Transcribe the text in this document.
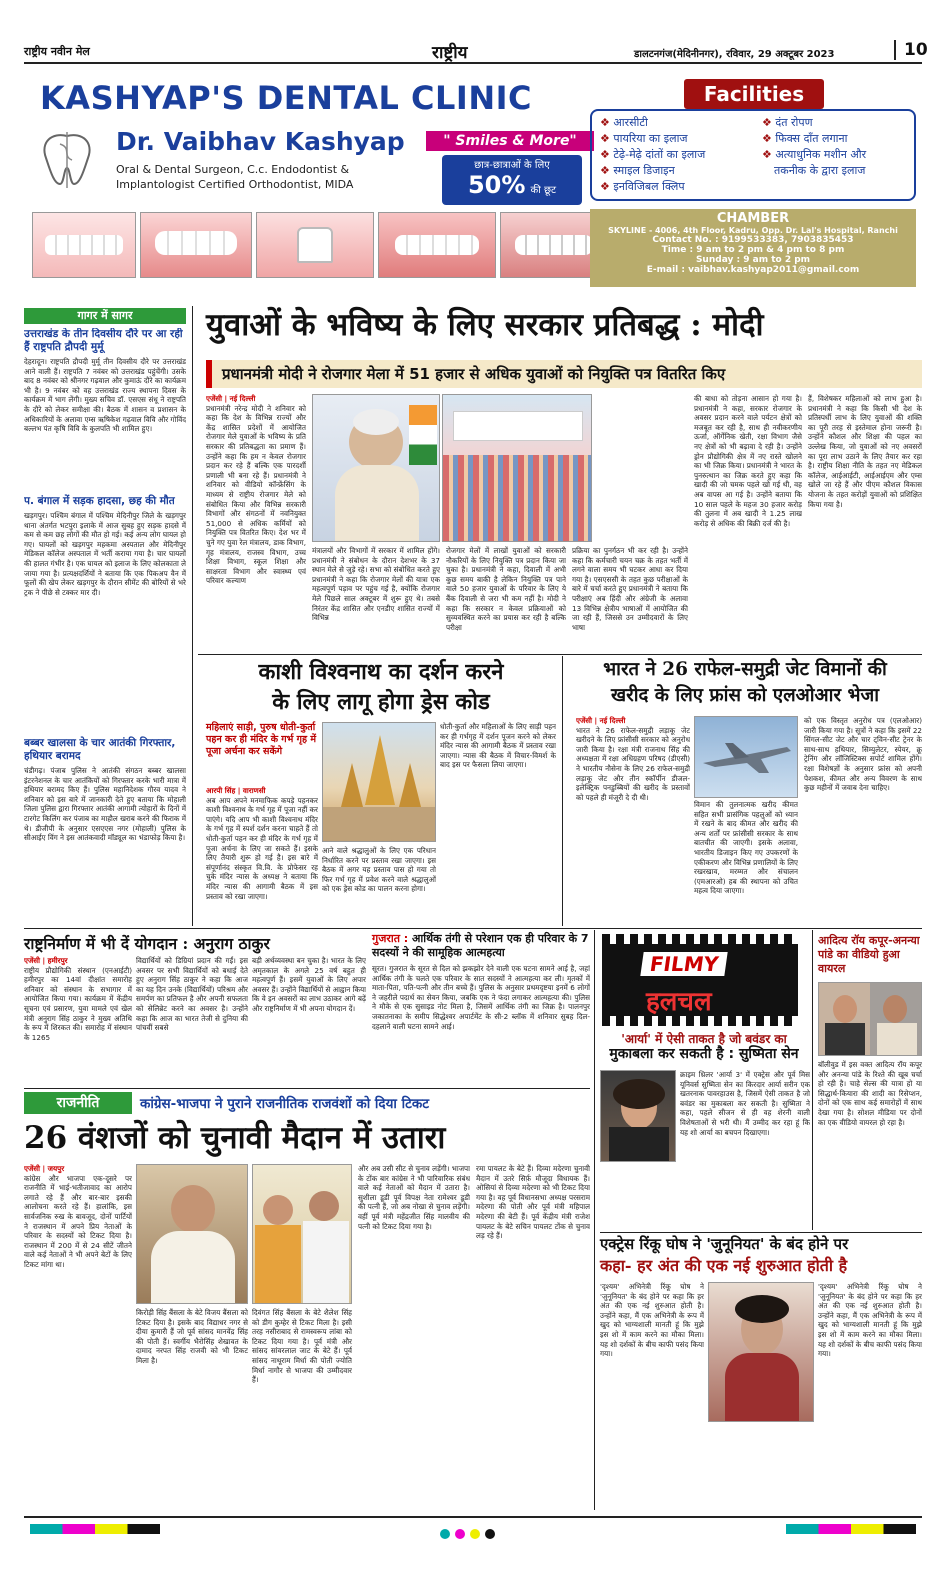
राष्ट्रीय नवीन मेल	राष्ट्रीय	डालटनगंज(मेदिनीनगर), रविवार, 29 अक्टूबर 2023	10
KASHYAP'S DENTAL CLINIC
Dr. Vaibhav Kashyap
Oral & Dental Surgeon, C.c. Endodontist &
Implantologist Certified Orthodontist, MIDA
" Smiles & More"
छात्र-छात्राओं के लिए
50% की छूट
Facilities
❖ आरसीटी
❖ पायरिया का इलाज
❖ टेढ़े-मेढ़े दांतों का इलाज
❖ स्माइल डिजाइन
❖ इनविजिबल क्लिप
❖ दंत रोपण
❖ फिक्स दाँत लगाना
❖ अत्याधुनिक मशीन और
तकनीक के द्वारा इलाज
CHAMBER
SKYLINE - 4006, 4th Floor, Kadru, Opp. Dr. Lal's Hospital, Ranchi
Contact No. : 9199533383, 7903835453
Time : 9 am to 2 pm & 4 pm to 8 pm
Sunday : 9 am to 2 pm
E-mail : vaibhav.kashyap2011@gmail.com
गागर में सागर
उत्तराखंड के तीन दिवसीय दौरे पर आ रही हैं राष्ट्रपति द्रौपदी मुर्मू
देहरादून। राष्ट्रपति द्रौपदी मुर्मू तीन दिवसीय दौरे पर उत्तराखंड आने वाली हैं। राष्ट्रपति 7 नवंबर को उत्तराखंड पहुंचेंगी। उसके बाद 8 नवंबर को श्रीनगर गढ़वाल और कुमाऊं दौरे का कार्यक्रम भी है। 9 नवंबर को वह उत्तराखंड राज्य स्थापना दिवस के कार्यक्रम में भाग लेंगी। मुख्य सचिव डॉ. एसएस संधू ने राष्ट्रपति के दौरे को लेकर समीक्षा की। बैठक में शासन व प्रशासन के अधिकारियों के अलावा एम्स ऋषिकेश गढ़वाल विवि और गोविंद बल्लभ पंत कृषि विवि के कुलपति भी शामिल हुए।
प. बंगाल में सड़क हादसा, छह की मौत
खड़गपुर। पश्चिम बंगाल में पश्चिम मेदिनीपुर जिले के खड़गपुर थाना अंतर्गत भटपुरा इलाके में आज सुबह हुए सड़क हादसे में कम से कम छह लोगों की मौत हो गई। कई अन्य लोग घायल हो गए। घायलों को खड़गपुर महकमा अस्पताल और मेदिनीपुर मेडिकल कॉलेज अस्पताल में भर्ती कराया गया है। चार घायलों की हालत गंभीर है। एक घायल को इलाज के लिए कोलकाता ले जाया गया है। प्रत्यक्षदर्शियों ने बताया कि एक पिकअप वैन में फूलों की खेप लेकर खड़गपुर के दौरान सीमेंट की बोरियों से भरे ट्रक ने पीछे से टक्कर मार दी।
बब्बर खालसा के चार आतंकी गिरफ्तार, हथियार बरामद
चंडीगढ़। पंजाब पुलिस ने आतंकी संगठन बब्बर खालसा इंटरनेशनल के चार आतंकियों को गिरफ्तार करके भारी मात्रा में हथियार बरामद किए हैं। पुलिस महानिदेशक गौरव यादव ने शनिवार को इस बारे में जानकारी देते हुए बताया कि मोहाली जिला पुलिस द्वारा गिरफ्तार आतंकी आगामी त्योहारों के दिनों में टारगेट किलिंग कर पंजाब का माहौल खराब करने की फिराक में थे। डीजीपी के अनुसार एसएएस नगर (मोहाली) पुलिस के सीआईए विंग ने इस आतंकवादी मॉड्यूल का भंडाफोड़ किया है।
युवाओं के भविष्य के लिए सरकार प्रतिबद्ध : मोदी
प्रधानमंत्री मोदी ने रोजगार मेला में 51 हजार से अधिक युवाओं को नियुक्ति पत्र वितरित किए
एजेंसी | नई दिल्ली
प्रधानमंत्री नरेन्द्र मोदी ने शनिवार को कहा कि देश के विभिन्न राज्यों और केंद्र शासित प्रदेशों में आयोजित रोजगार मेले युवाओं के भविष्य के प्रति सरकार की प्रतिबद्धता का प्रमाण हैं। उन्होंने कहा कि हम न केवल रोजगार प्रदान कर रहे हैं बल्कि एक पारदर्शी प्रणाली भी बना रहे हैं। प्रधानमंत्री ने शनिवार को वीडियो कॉन्फ्रेंसिंग के माध्यम से राष्ट्रीय रोजगार मेले को संबोधित किया और विभिन्न सरकारी विभागों और संगठनों में नवनियुक्त 51,000 से अधिक कर्मियों को नियुक्ति पत्र वितरित किए। देश भर में चुने गए युवा रेल मंत्रालय, डाक विभाग, गृह मंत्रालय, राजस्व विभाग, उच्च शिक्षा विभाग, स्कूल शिक्षा और साक्षरता विभाग और स्वास्थ्य एवं परिवार कल्याण
मंत्रालयों और विभागों में सरकार में शामिल होंगे। प्रधानमंत्री ने संबोधन के दौरान देशभर के 37 स्थान मेले से जुड़े रहे। सभा को संबोधित करते हुए प्रधानमंत्री ने कहा कि रोजगार मेलों की यात्रा एक महत्वपूर्ण पड़ाव पर पहुंच गई है, क्योंकि रोजगार मेले पिछले साल अक्टूबर में शुरू हुए थे। तबसे निरंतर केंद्र शासित और एनडीए शासित राज्यों में विभिन्न
रोजगार मेलों में लाखों युवाओं को सरकारी नौकरियों के लिए नियुक्ति पत्र प्रदान किया जा चुका है। प्रधानमंत्री ने कहा, दिवाली में अभी कुछ समय बाकी है लेकिन नियुक्ति पत्र पाने वाले 50 हजार युवाओं के परिवार के लिए ये बैंक दिवाली से जरा भी कम नहीं है। मोदी ने कहा कि सरकार न केवल प्रक्रियाओं को सुव्यवस्थित करने का प्रयास कर रही है बल्कि परीक्षा
प्रक्रिया का पुनर्गठन भी कर रही है। उन्होंने कहा कि कर्मचारी चयन चक्र के तहत भर्ती में लगने वाला समय भी घटकर आधा कर दिया गया है। एसएससी के तहत कुछ परीक्षाओं के बारे में चर्चा करते हुए प्रधानमंत्री ने बताया कि परीक्षाएं अब हिंदी और अंग्रेजी के अलावा 13 विभिन्न क्षेत्रीय भाषाओं में आयोजित की जा रही हैं, जिससे उन उम्मीदवारों के लिए भाषा
की बाधा को तोड़ना आसान हो गया है। प्रधानमंत्री ने कहा, सरकार रोजगार के अवसर प्रदान करने वाले पर्यटन क्षेत्रों को मजबूत कर रही है, साथ ही नवीकरणीय ऊर्जा, ऑर्गेनिक खेती, रक्षा विभाग जैसे नए क्षेत्रों को भी बढ़ावा दे रही है। उन्होंने ड्रोन प्रौद्योगिकी क्षेत्र में नए रास्ते खोलने का भी जिक्र किया। प्रधानमंत्री ने भारत के पुनरुत्थान का जिक्र करते हुए कहा कि खादी की जो चमक पहले खो गई थी, वह अब वापस आ गई है। उन्होंने बताया कि 10 साल पहले के महज 30 हजार करोड़ की तुलना में अब खादी ने 1.25 लाख करोड़ से अधिक की बिक्री दर्ज की है।
हैं, विशेषकर महिलाओं को लाभ हुआ है। प्रधानमंत्री ने कहा कि किसी भी देश के प्रतिस्पर्धी लाभ के लिए युवाओं की शक्ति का पूरी तरह से इस्तेमाल होना जरूरी है। उन्होंने कौशल और शिक्षा की पहल का उल्लेख किया, जो युवाओं को नए अवसरों का पूरा लाभ उठाने के लिए तैयार कर रहा है। राष्ट्रीय शिक्षा नीति के तहत नए मेडिकल कॉलेज, आईआईटी, आईआईएम और एम्स खोले जा रहे हैं और पीएम कौशल विकास योजना के तहत करोड़ों युवाओं को प्रशिक्षित किया गया है।
काशी विश्वनाथ का दर्शन करने
के लिए लागू होगा ड्रेस कोड
महिलाएं साड़ी, पुरुष धोती-कुर्ता पहन कर ही मंदिर के गर्भ गृह में पूजा अर्चना कर सकेंगे
आरपी सिंह | वाराणसी
अब आप अपने मनमाफिक कपड़े पहनकर काशी विश्वनाथ के गर्भ गृह में पूजा नहीं कर पाएंगे। यदि आप भी काशी विश्वनाथ मंदिर के गर्भ गृह में स्पर्श दर्शन करना चाहते हैं तो धोती-कुर्ता पहन कर ही मंदिर के गर्भ गृह में पूजा अर्चना के लिए जा सकते हैं। इसके लिए तैयारी शुरू हो गई है। इस बारे में संपूर्णानंद संस्कृत वि.वि. के प्रोफेसर रह चुके मंदिर न्यास के अध्यक्ष ने बताया कि मंदिर न्यास की आगामी बैठक में इस प्रस्ताव को रखा जाएगा।
आने वाले श्रद्धालुओं के लिए एक परिधान निर्धारित करने पर प्रस्ताव रखा जाएगा। इस बैठक में अगर यह प्रस्ताव पास हो गया तो फिर गर्भ गृह में प्रवेश करने वाले श्रद्धालुओं को एक ड्रेस कोड का पालन करना होगा।
धोती-कुर्ता और महिलाओं के लिए साड़ी पहन कर ही गर्भगृह में दर्शन पूजन करने को लेकर मंदिर न्यास की आगामी बैठक में प्रस्ताव रखा जाएगा। न्यास की बैठक में विचार-विमर्श के बाद इस पर फैसला लिया जाएगा।
भारत ने 26 राफेल-समुद्री जेट विमानों की
खरीद के लिए फ्रांस को एलओआर भेजा
एजेंसी | नई दिल्ली
भारत ने 26 राफेल-समुद्री लड़ाकू जेट खरीदने के लिए फ्रांसीसी सरकार को अनुरोध जारी किया है। रक्षा मंत्री राजनाथ सिंह की अध्यक्षता में रक्षा अधिग्रहण परिषद (डीएसी) ने भारतीय नौसेना के लिए 26 राफेल-समुद्री लड़ाकू जेट और तीन स्कॉर्पीन डीजल-इलेक्ट्रिक पनडुब्बियों की खरीद के प्रस्तावों को पहले ही मंजूरी दे दी थी।
विमान की तुलनात्मक खरीद कीमत सहित सभी प्रासंगिक पहलुओं को ध्यान में रखने के बाद कीमत और खरीद की अन्य शर्तों पर फ्रांसीसी सरकार के साथ बातचीत की जाएगी। इसके अलावा, भारतीय डिजाइन किए गए उपकरणों के एकीकरण और विभिन्न प्रणालियों के लिए रखरखाव, मरम्मत और संचालन (एमआरओ) हब की स्थापना को उचित महत्व दिया जाएगा।
को एक विस्तृत अनुरोध पत्र (एलओआर) जारी किया गया है। सूत्रों ने कहा कि इसमें 22 सिंगल-सीट जेट और चार ट्विन-सीट ट्रेनर के साथ-साथ हथियार, सिम्युलेटर, स्पेयर, क्रू ट्रेनिंग और लॉजिस्टिक्स सपोर्ट शामिल होंगे। रक्षा विशेषज्ञों के अनुसार फ्रांस को अपनी पेशकश, कीमत और अन्य विवरण के साथ कुछ महीनों में जवाब देना चाहिए।
राष्ट्रनिर्माण में भी दें योगदान : अनुराग ठाकुर
एजेंसी | हमीरपुर
राष्ट्रीय प्रौद्योगिकी संस्थान (एनआईटी) हमीरपुर का 14वां दीक्षांत समारोह शनिवार को संस्थान के सभागार में आयोजित किया गया। कार्यक्रम में केंद्रीय सूचना एवं प्रसारण, युवा मामले एवं खेल मंत्री अनुराग सिंह ठाकुर ने मुख्य अतिथि के रूप में शिरकत की। समारोह में संस्थान के 1265
विद्यार्थियों को डिग्रियां प्रदान की गईं। इस अवसर पर सभी विद्यार्थियों को बधाई देते हुए अनुराग सिंह ठाकुर ने कहा कि आज का यह दिन उनके (विद्यार्थियों) परिश्रम और समर्पण का प्रतिफल है और अपनी सफलता को सेलिब्रेट करने का अवसर है। उन्होंने कहा कि आज का भारत तेजी से दुनिया की पांचवीं सबसे
बड़ी अर्थव्यवस्था बन चुका है। भारत के लिए अमृतकाल के अगले 25 वर्ष बहुत ही महत्वपूर्ण हैं। इसमें युवाओं के लिए अपार अवसर हैं। उन्होंने विद्यार्थियों से आह्वान किया कि वे इन अवसरों का लाभ उठाकर आगे बढ़ें और राष्ट्रनिर्माण में भी अपना योगदान दें।
गुजरात : आर्थिक तंगी से परेशान एक ही परिवार के 7 सदस्यों ने की सामूहिक आत्महत्या
सूरत। गुजरात के सूरत से दिल को झकझोर देने वाली एक घटना सामने आई है, जहां आर्थिक तंगी के चलते एक परिवार के सात सदस्यों ने आत्महत्या कर ली। मृतकों में माता-पिता, पति-पत्नी और तीन बच्चे हैं। पुलिस के अनुसार प्रथमदृष्टया इनमें 6 लोगों ने जहरीले पदार्थ का सेवन किया, जबकि एक ने फंदा लगाकर आत्महत्या की। पुलिस ने मौके से एक सुसाइड नोट मिला है, जिसमें आर्थिक तंगी का जिक्र है। पालनपुर जकातनाका के समीप सिद्धेश्वर अपार्टमेंट के सी-2 ब्लॉक में शनिवार सुबह दिल-दहलाने वाली घटना सामने आई।
राजनीति	कांग्रेस-भाजपा ने पुराने राजनीतिक राजवंशों को दिया टिकट
26 वंशजों को चुनावी मैदान में उतारा
एजेंसी | जयपुर
कांग्रेस और भाजपा एक-दूसरे पर राजनीति में भाई-भतीजावाद का आरोप लगाते रहे हैं और बार-बार इसकी आलोचना करते रहे हैं। हालांकि, इस सार्वजनिक रुख के बावजूद, दोनों पार्टियों ने राजस्थान में अपने प्रिय नेताओं के परिवार के सदस्यों को टिकट दिया है। राजस्थान में 200 में से 24 सीटें जीतने वाले कई नेताओं ने भी अपने बेटों के लिए टिकट मांगा था।
किरोड़ी सिंह बैंसला के बेटे विजय बैंसला को टिकट दिया है। इसके बाद विद्याधर नगर से दीया कुमारी हैं जो पूर्व सांसद मानवेंद्र सिंह की पोती हैं। स्वर्गीय भैरोसिंह शेखावत के दामाद नरपत सिंह राजवी को भी टिकट मिला है।
दिवंगत सिंह बैंसला के बेटे शैलेश सिंह को डीग कुम्हेर से टिकट मिला है। इसी तरह नसीराबाद से रामस्वरूप लांबा को टिकट दिया गया है। पूर्व मंत्री और सांसद सांवरलाल जाट के बेटे हैं। पूर्व सांसद नाथूराम मिर्धा की पोती ज्योति मिर्धा नागौर से भाजपा की उम्मीदवार हैं।
और अब उसी सीट से चुनाव लड़ेंगी। भाजपा के टोंक बार कांग्रेस ने भी पारिवारिक संबंध वाले कई नेताओं को मैदान में उतारा है। सुशीला डूडी पूर्व विपक्ष नेता रामेश्वर डूडी की पत्नी हैं, जो अब नोखा से चुनाव लड़ेंगी। वहीं पूर्व मंत्री महेंद्रजीत सिंह मालवीय की पत्नी को टिकट दिया गया है।
रमा पायलट के बेटे हैं। दिव्या मदेरणा चुनावी मैदान में उतरे सिर्फ़ मौजूदा विधायक हैं। ओसियां से दिव्या मदेरणा को भी टिकट दिया गया है। वह पूर्व विधानसभा अध्यक्ष परसराम मदेरणा की पोती और पूर्व मंत्री महिपाल मदेरणा की बेटी हैं। पूर्व केंद्रीय मंत्री राजेश पायलट के बेटे सचिन पायलट टोंक से चुनाव लड़ रहे हैं।
FILMY
हलचल
'आर्या' में ऐसी ताकत है जो बवंडर का
मुकाबला कर सकती है : सुष्मिता सेन
क्राइम थ्रिलर 'आर्या 3' में एक्ट्रेस और पूर्व मिस यूनिवर्स सुष्मिता सेन का किरदार आर्या सरीन एक खतरनाक पावरहाउस है, जिसमें ऐसी ताकत है जो बवंडर का मुकाबला कर सकती है। सुष्मिता ने कहा, पहले सीजन से ही वह शेरनी वाली विशेषताओं से भरी थी। मैं उम्मीद कर रहा हूं कि यह शो आर्या का बचपन दिखाएगा।
आदित्य रॉय कपूर-अनन्या पांडे का वीडियो हुआ वायरल
बॉलीवुड में इस वक्त आदित्य रॉय कपूर और अनन्या पांडे के रिश्ते की खूब चर्चा हो रही है। चाहे सेल्स की यात्रा हो या सिद्धार्थ-कियारा की शादी का रिसेप्शन, दोनों को एक साथ कई समारोहों में साथ देखा गया है। सोशल मीडिया पर दोनों का एक वीडियो वायरल हो रहा है।
एक्ट्रेस रिंकू घोष ने 'जुनूनियत' के बंद होने पर
कहा- हर अंत की एक नई शुरुआत होती है
'दृश्यम' अभिनेत्री रिंकू घोष ने 'जुनूनियत' के बंद होने पर कहा कि हर अंत की एक नई शुरुआत होती है। उन्होंने कहा, मैं एक अभिनेत्री के रूप में खुद को भाग्यशाली मानती हूं कि मुझे इस शो में काम करने का मौका मिला। यह शो दर्शकों के बीच काफी पसंद किया गया।
'दृश्यम' अभिनेत्री रिंकू घोष ने 'जुनूनियत' के बंद होने पर कहा कि हर अंत की एक नई शुरुआत होती है। उन्होंने कहा, मैं एक अभिनेत्री के रूप में खुद को भाग्यशाली मानती हूं कि मुझे इस शो में काम करने का मौका मिला। यह शो दर्शकों के बीच काफी पसंद किया गया।
